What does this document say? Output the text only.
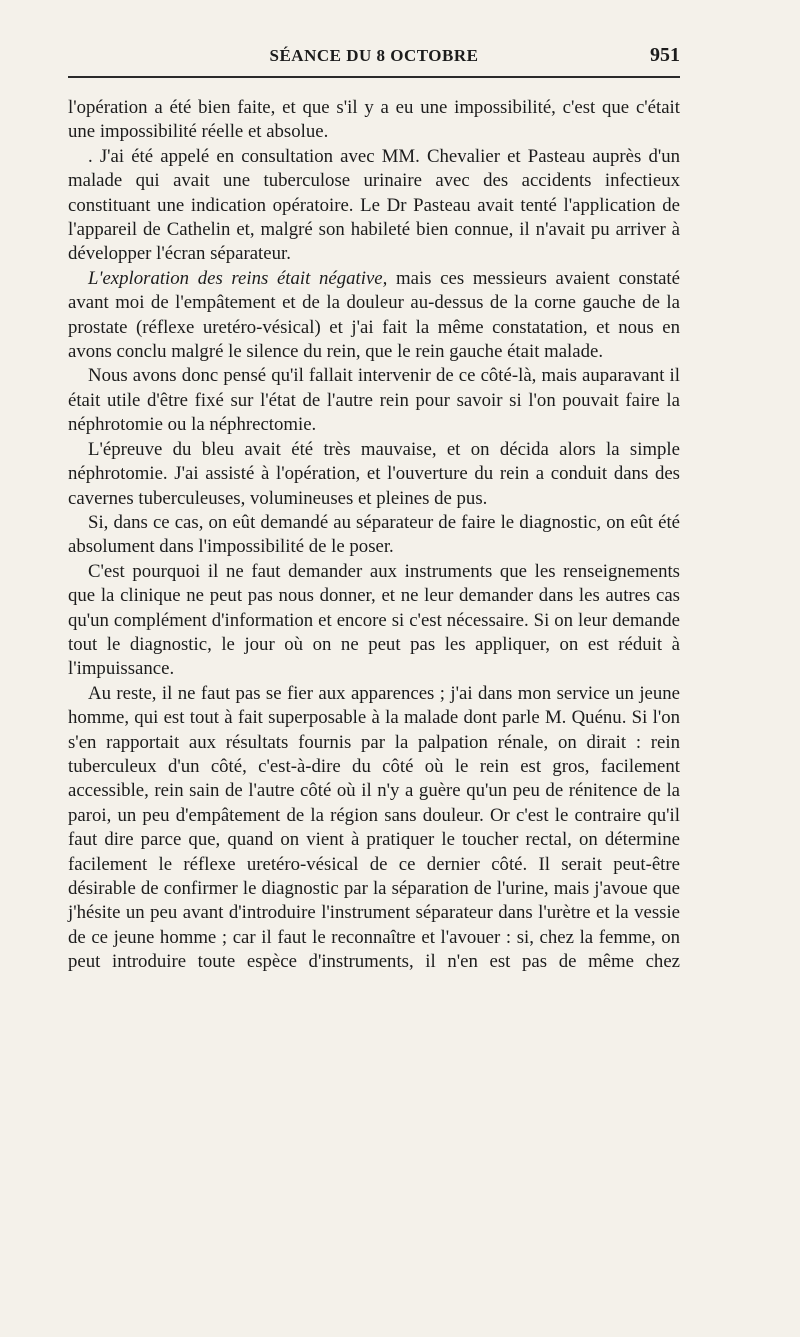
SÉANCE DU 8 OCTOBRE	951

l'opération a été bien faite, et que s'il y a eu une impossibilité, c'est que c'était une impossibilité réelle et absolue.

. J'ai été appelé en consultation avec MM. Chevalier et Pasteau auprès d'un malade qui avait une tuberculose urinaire avec des accidents infectieux constituant une indication opératoire. Le Dr Pasteau avait tenté l'application de l'appareil de Cathelin et, malgré son habileté bien connue, il n'avait pu arriver à développer l'écran séparateur.

L'exploration des reins était négative, mais ces messieurs avaient constaté avant moi de l'empâtement et de la douleur au-dessus de la corne gauche de la prostate (réflexe uretéro-vésical) et j'ai fait la même constatation, et nous en avons conclu malgré le silence du rein, que le rein gauche était malade.

Nous avons donc pensé qu'il fallait intervenir de ce côté-là, mais auparavant il était utile d'être fixé sur l'état de l'autre rein pour savoir si l'on pouvait faire la néphrotomie ou la néphrectomie.

L'épreuve du bleu avait été très mauvaise, et on décida alors la simple néphrotomie. J'ai assisté à l'opération, et l'ouverture du rein a conduit dans des cavernes tuberculeuses, volumineuses et pleines de pus.

Si, dans ce cas, on eût demandé au séparateur de faire le diagnostic, on eût été absolument dans l'impossibilité de le poser.

C'est pourquoi il ne faut demander aux instruments que les renseignements que la clinique ne peut pas nous donner, et ne leur demander dans les autres cas qu'un complément d'information et encore si c'est nécessaire. Si on leur demande tout le diagnostic, le jour où on ne peut pas les appliquer, on est réduit à l'impuissance.

Au reste, il ne faut pas se fier aux apparences ; j'ai dans mon service un jeune homme, qui est tout à fait superposable à la malade dont parle M. Quénu. Si l'on s'en rapportait aux résultats fournis par la palpation rénale, on dirait : rein tuberculeux d'un côté, c'est-à-dire du côté où le rein est gros, facilement accessible, rein sain de l'autre côté où il n'y a guère qu'un peu de rénitence de la paroi, un peu d'empâtement de la région sans douleur. Or c'est le contraire qu'il faut dire parce que, quand on vient à pratiquer le toucher rectal, on détermine facilement le réflexe uretéro-vésical de ce dernier côté. Il serait peut-être désirable de confirmer le diagnostic par la séparation de l'urine, mais j'avoue que j'hésite un peu avant d'introduire l'instrument séparateur dans l'urètre et la vessie de ce jeune homme ; car il faut le reconnaître et l'avouer : si, chez la femme, on peut introduire toute espèce d'instruments, il n'en est pas de même chez
